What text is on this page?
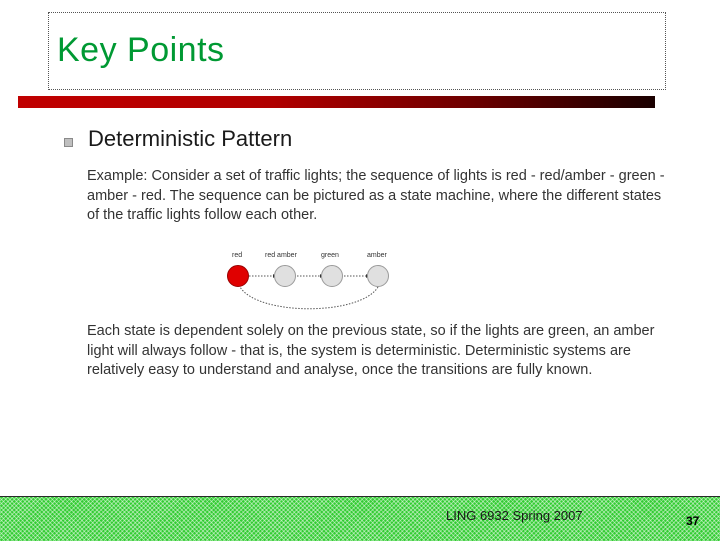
Key Points
Deterministic Pattern
Example: Consider a set of traffic lights; the sequence of lights is red - red/amber - green - amber - red. The sequence can be pictured as a state machine, where the different states of the traffic lights follow each other.
red	red amber	green	amber
Each state is dependent solely on the previous state, so if the lights are green, an amber light will always follow - that is, the system is deterministic. Deterministic systems are relatively easy to understand and analyse, once the transitions are fully known.
LING 6932 Spring 2007	37
